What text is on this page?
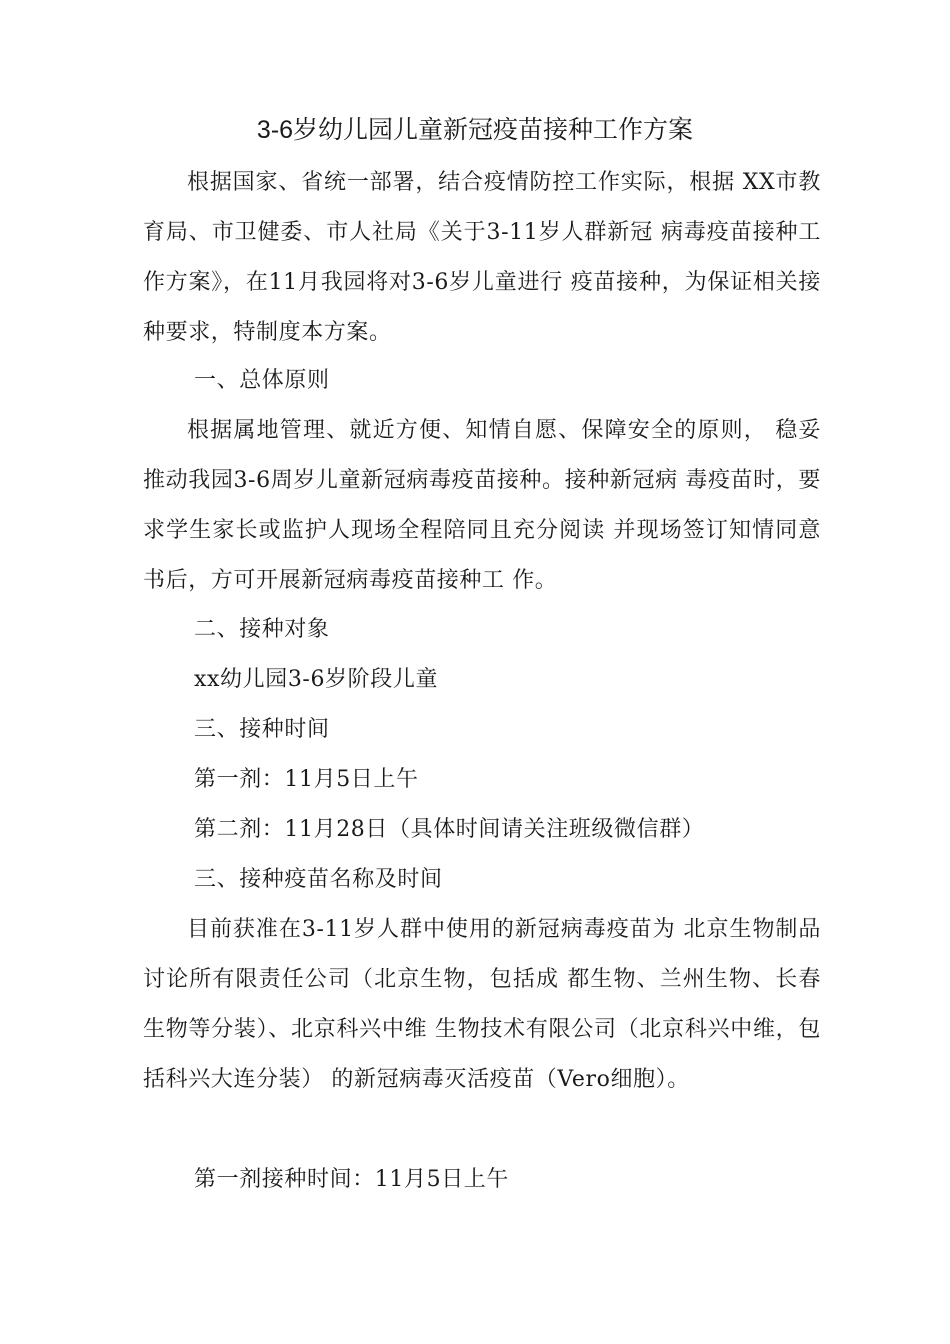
3-6岁幼儿园儿童新冠疫苗接种工作方案

根据国家、省统一部署，结合疫情防控工作实际，根据 XX市教育局、市卫健委、市人社局《关于3-11岁人群新冠 病毒疫苗接种工作方案》，在11月我园将对3-6岁儿童进行 疫苗接种，为保证相关接种要求，特制度本方案。

一、总体原则

根据属地管理、就近方便、知情自愿、保障安全的原则， 稳妥推动我园3-6周岁儿童新冠病毒疫苗接种。接种新冠病 毒疫苗时，要求学生家长或监护人现场全程陪同且充分阅读 并现场签订知情同意书后，方可开展新冠病毒疫苗接种工 作。

二、接种对象

xx幼儿园3-6岁阶段儿童

三、接种时间

第一剂：11月5日上午

第二剂：11月28日（具体时间请关注班级微信群）

三、接种疫苗名称及时间

目前获准在3-11岁人群中使用的新冠病毒疫苗为 北京生物制品讨论所有限责任公司（北京生物，包括成 都生物、兰州生物、长春生物等分装）、北京科兴中维 生物技术有限公司（北京科兴中维，包括科兴大连分装） 的新冠病毒灭活疫苗（Vero细胞）。

第一剂接种时间：11月5日上午
